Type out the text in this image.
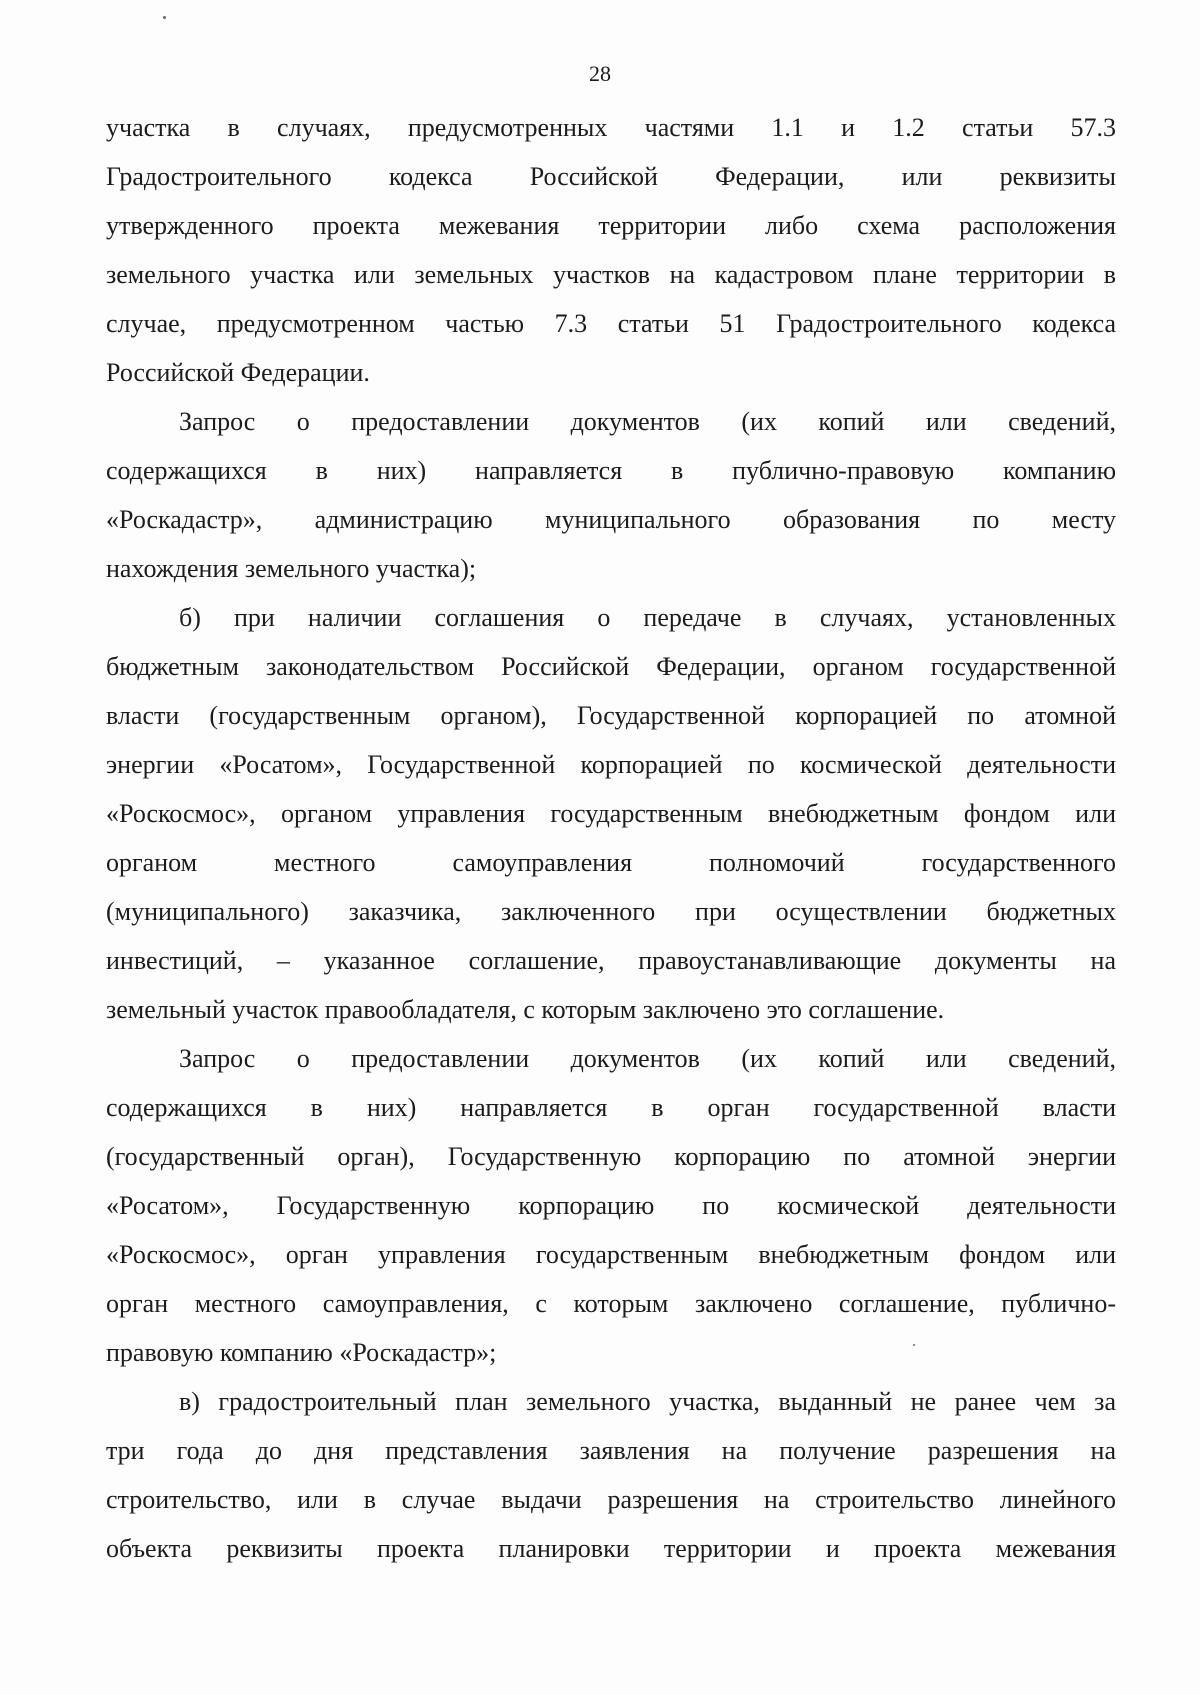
28
участка в случаях, предусмотренных частями 1.1 и 1.2 статьи 57.3
Градостроительного кодекса Российской Федерации, или реквизиты
утвержденного проекта межевания территории либо схема расположения
земельного участка или земельных участков на кадастровом плане территории в
случае, предусмотренном частью 7.3 статьи 51 Градостроительного кодекса
Российской Федерации.
Запрос о предоставлении документов (их копий или сведений,
содержащихся в них) направляется в публично-правовую компанию
«Роскадастр», администрацию муниципального образования по месту
нахождения земельного участка);
б) при наличии соглашения о передаче в случаях, установленных
бюджетным законодательством Российской Федерации, органом государственной
власти (государственным органом), Государственной корпорацией по атомной
энергии «Росатом», Государственной корпорацией по космической деятельности
«Роскосмос», органом управления государственным внебюджетным фондом или
органом местного самоуправления полномочий государственного
(муниципального) заказчика, заключенного при осуществлении бюджетных
инвестиций, – указанное соглашение, правоустанавливающие документы на
земельный участок правообладателя, с которым заключено это соглашение.
Запрос о предоставлении документов (их копий или сведений,
содержащихся в них) направляется в орган государственной власти
(государственный орган), Государственную корпорацию по атомной энергии
«Росатом», Государственную корпорацию по космической деятельности
«Роскосмос», орган управления государственным внебюджетным фондом или
орган местного самоуправления, с которым заключено соглашение, публично-
правовую компанию «Роскадастр»;
в) градостроительный план земельного участка, выданный не ранее чем за
три года до дня представления заявления на получение разрешения на
строительство, или в случае выдачи разрешения на строительство линейного
объекта реквизиты проекта планировки территории и проекта межевания
